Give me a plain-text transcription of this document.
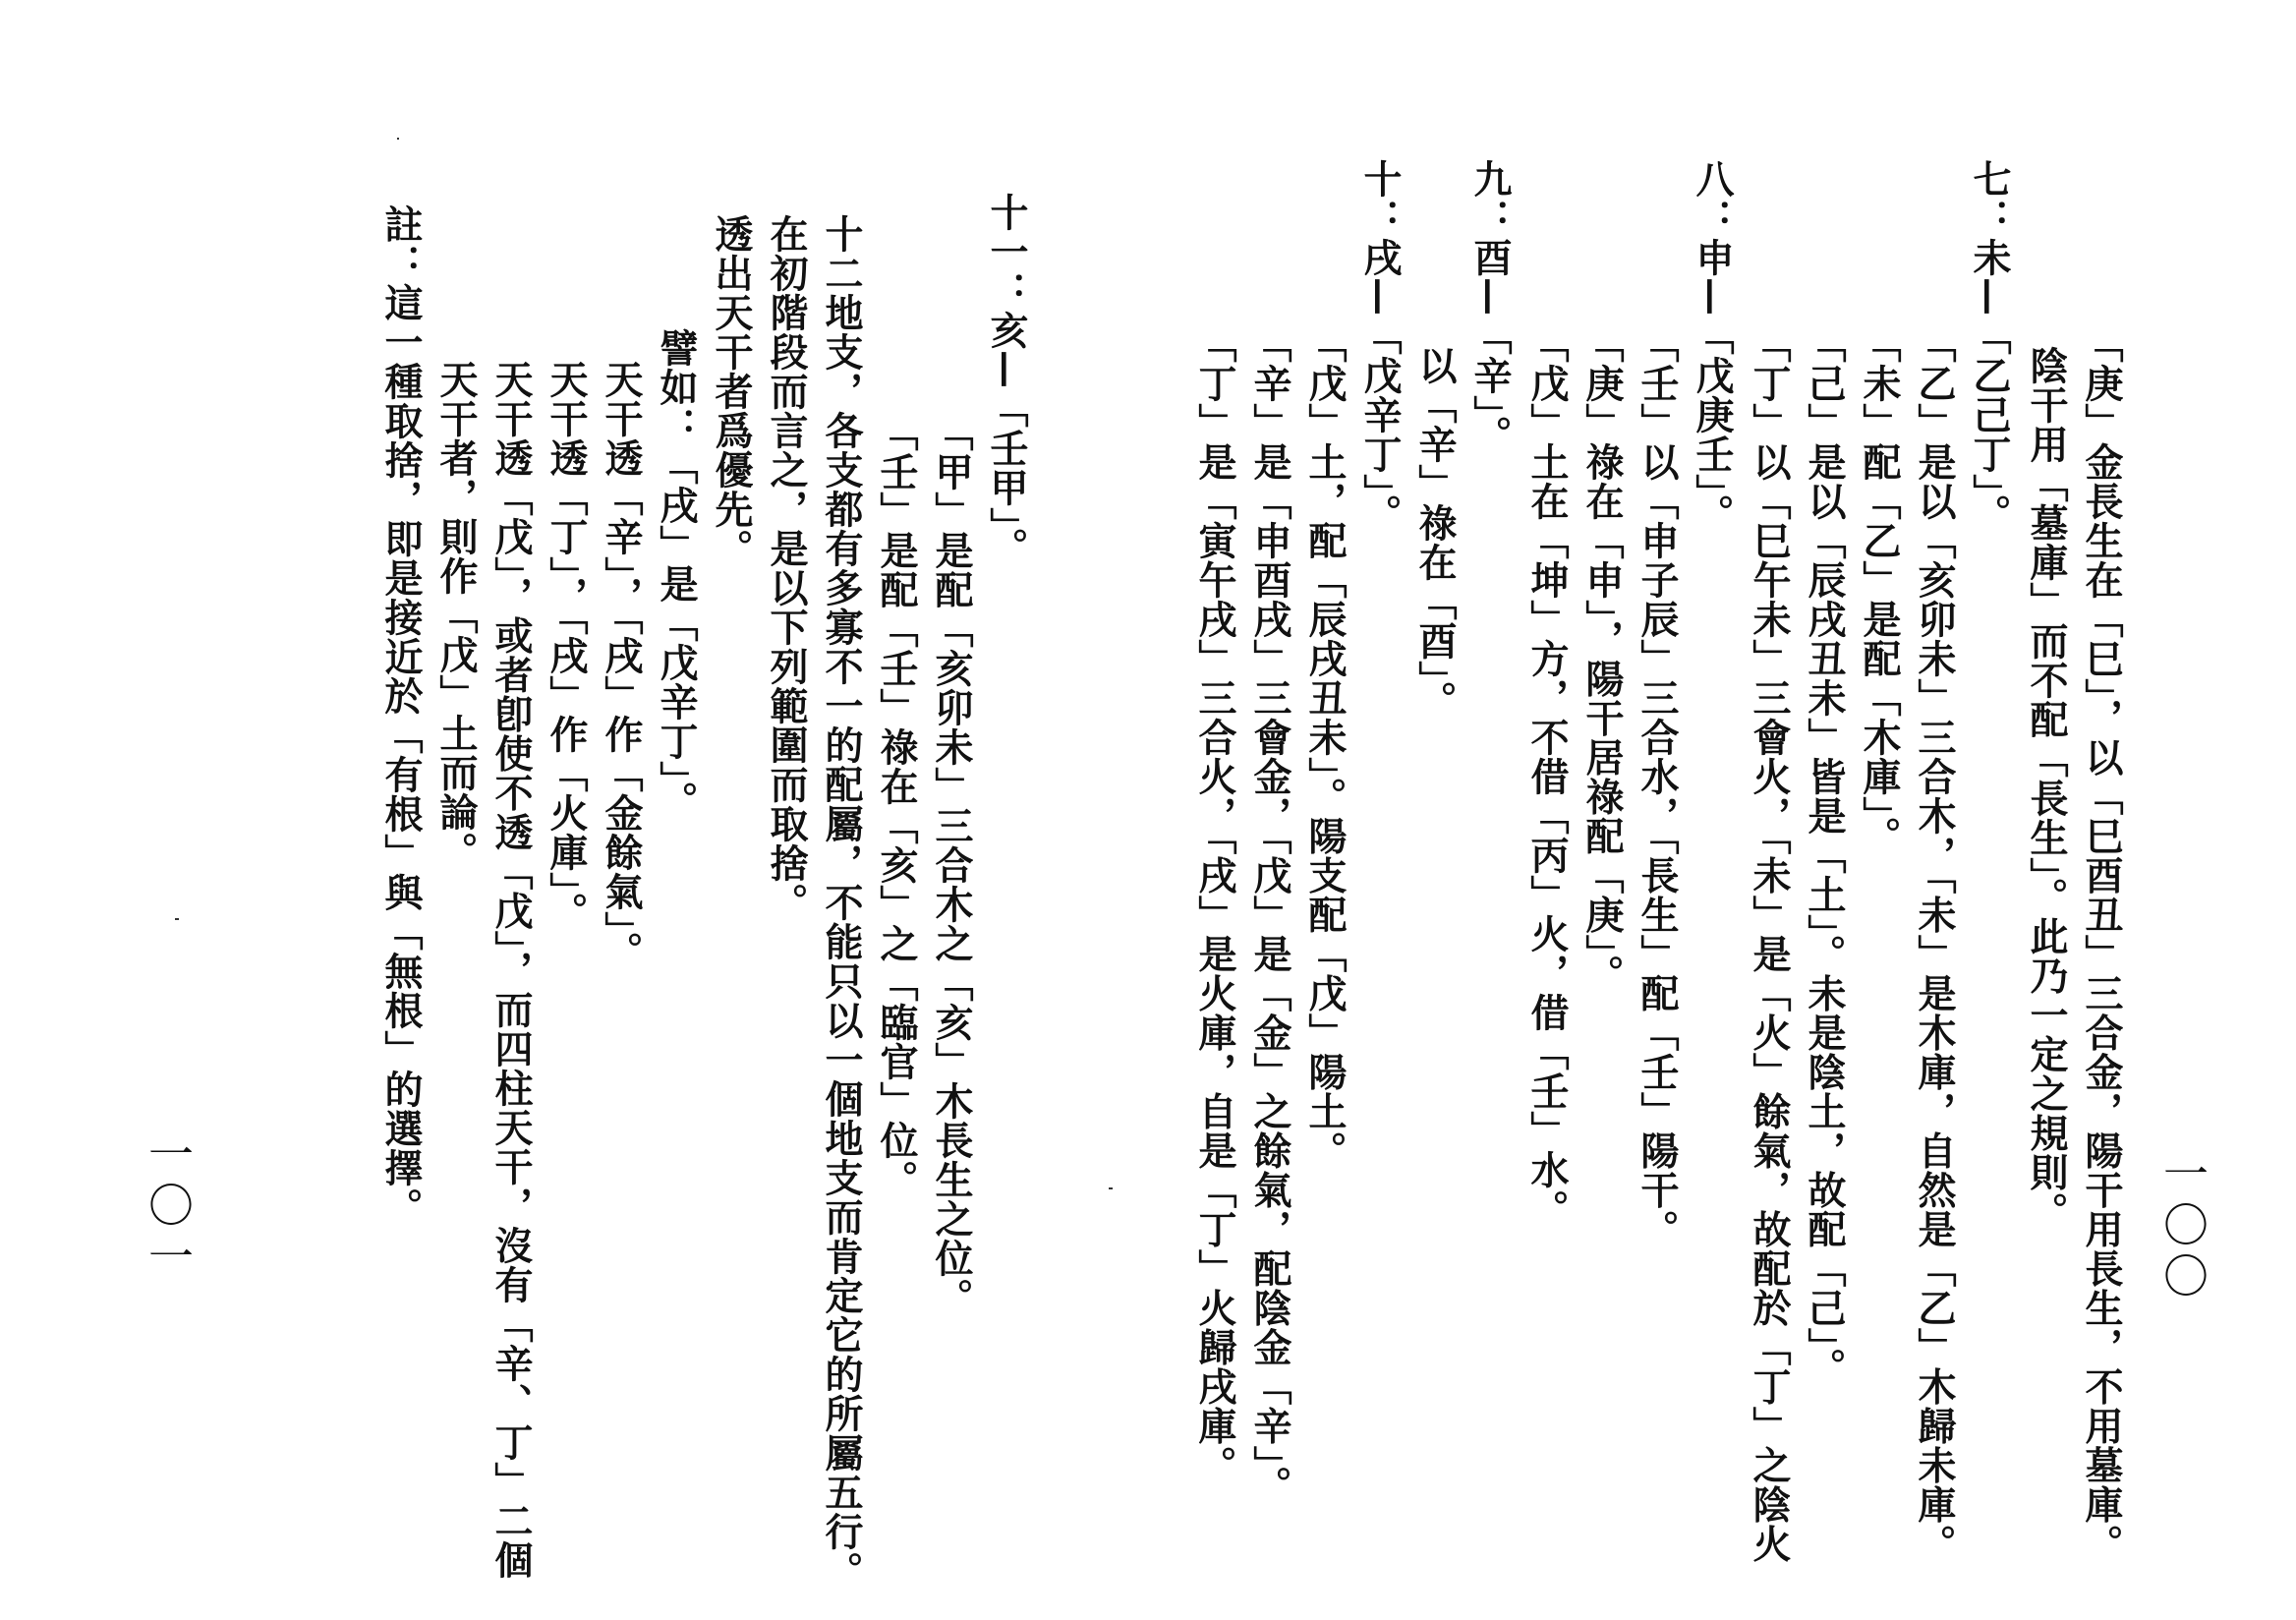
一〇〇
「庚」金長生在「巳」，以「巳酉丑」三合金，陽干用長生，不用墓庫。
陰干用「墓庫」而不配「長生」。此乃一定之規則。
七：未—「乙己丁」。
「乙」是以「亥卯未」三合木，「未」是木庫，自然是「乙」木歸未庫。
「未」配「乙」是配「木庫」。
「己」是以「辰戌丑未」皆是「土」。未是陰土，故配「己」。
「丁」以「巳午未」三會火，「未」是「火」餘氣，故配於「丁」之陰火
八：申—「戊庚壬」。
「壬」以「申子辰」三合水，「長生」配「壬」陽干。
「庚」祿在「申」，陽干居祿配「庚」。
「戊」土在「坤」方，不借「丙」火，借「壬」水。
九：酉—「辛」。
以「辛」祿在「酉」。
十：戌—「戊辛丁」。
「戊」土，配「辰戌丑未」。陽支配「戊」陽土。
「辛」是「申酉戌」三會金，「戊」是「金」之餘氣，配陰金「辛」。
「丁」是「寅午戌」三合火，「戌」是火庫，自是「丁」火歸戌庫。
一〇一
十一：亥—「壬甲」。
「甲」是配「亥卯未」三合木之「亥」木長生之位。
「壬」是配「壬」祿在「亥」之「臨官」位。
十二地支，各支都有多寡不一的配屬，不能只以一個地支而肯定它的所屬五行。
在初階段而言之，是以下列範圍而取捨。
透出天干者爲優先。
譬如：「戌」是「戊辛丁」。
天干透「辛」，「戌」作「金餘氣」。
天干透「丁」，「戌」作「火庫」。
天干透「戊」，或者卽使不透「戊」，而四柱天干，沒有「辛、丁」二個
天干者，則作「戊」土而論。
註：這一種取捨，即是接近於「有根」與「無根」的選擇。
